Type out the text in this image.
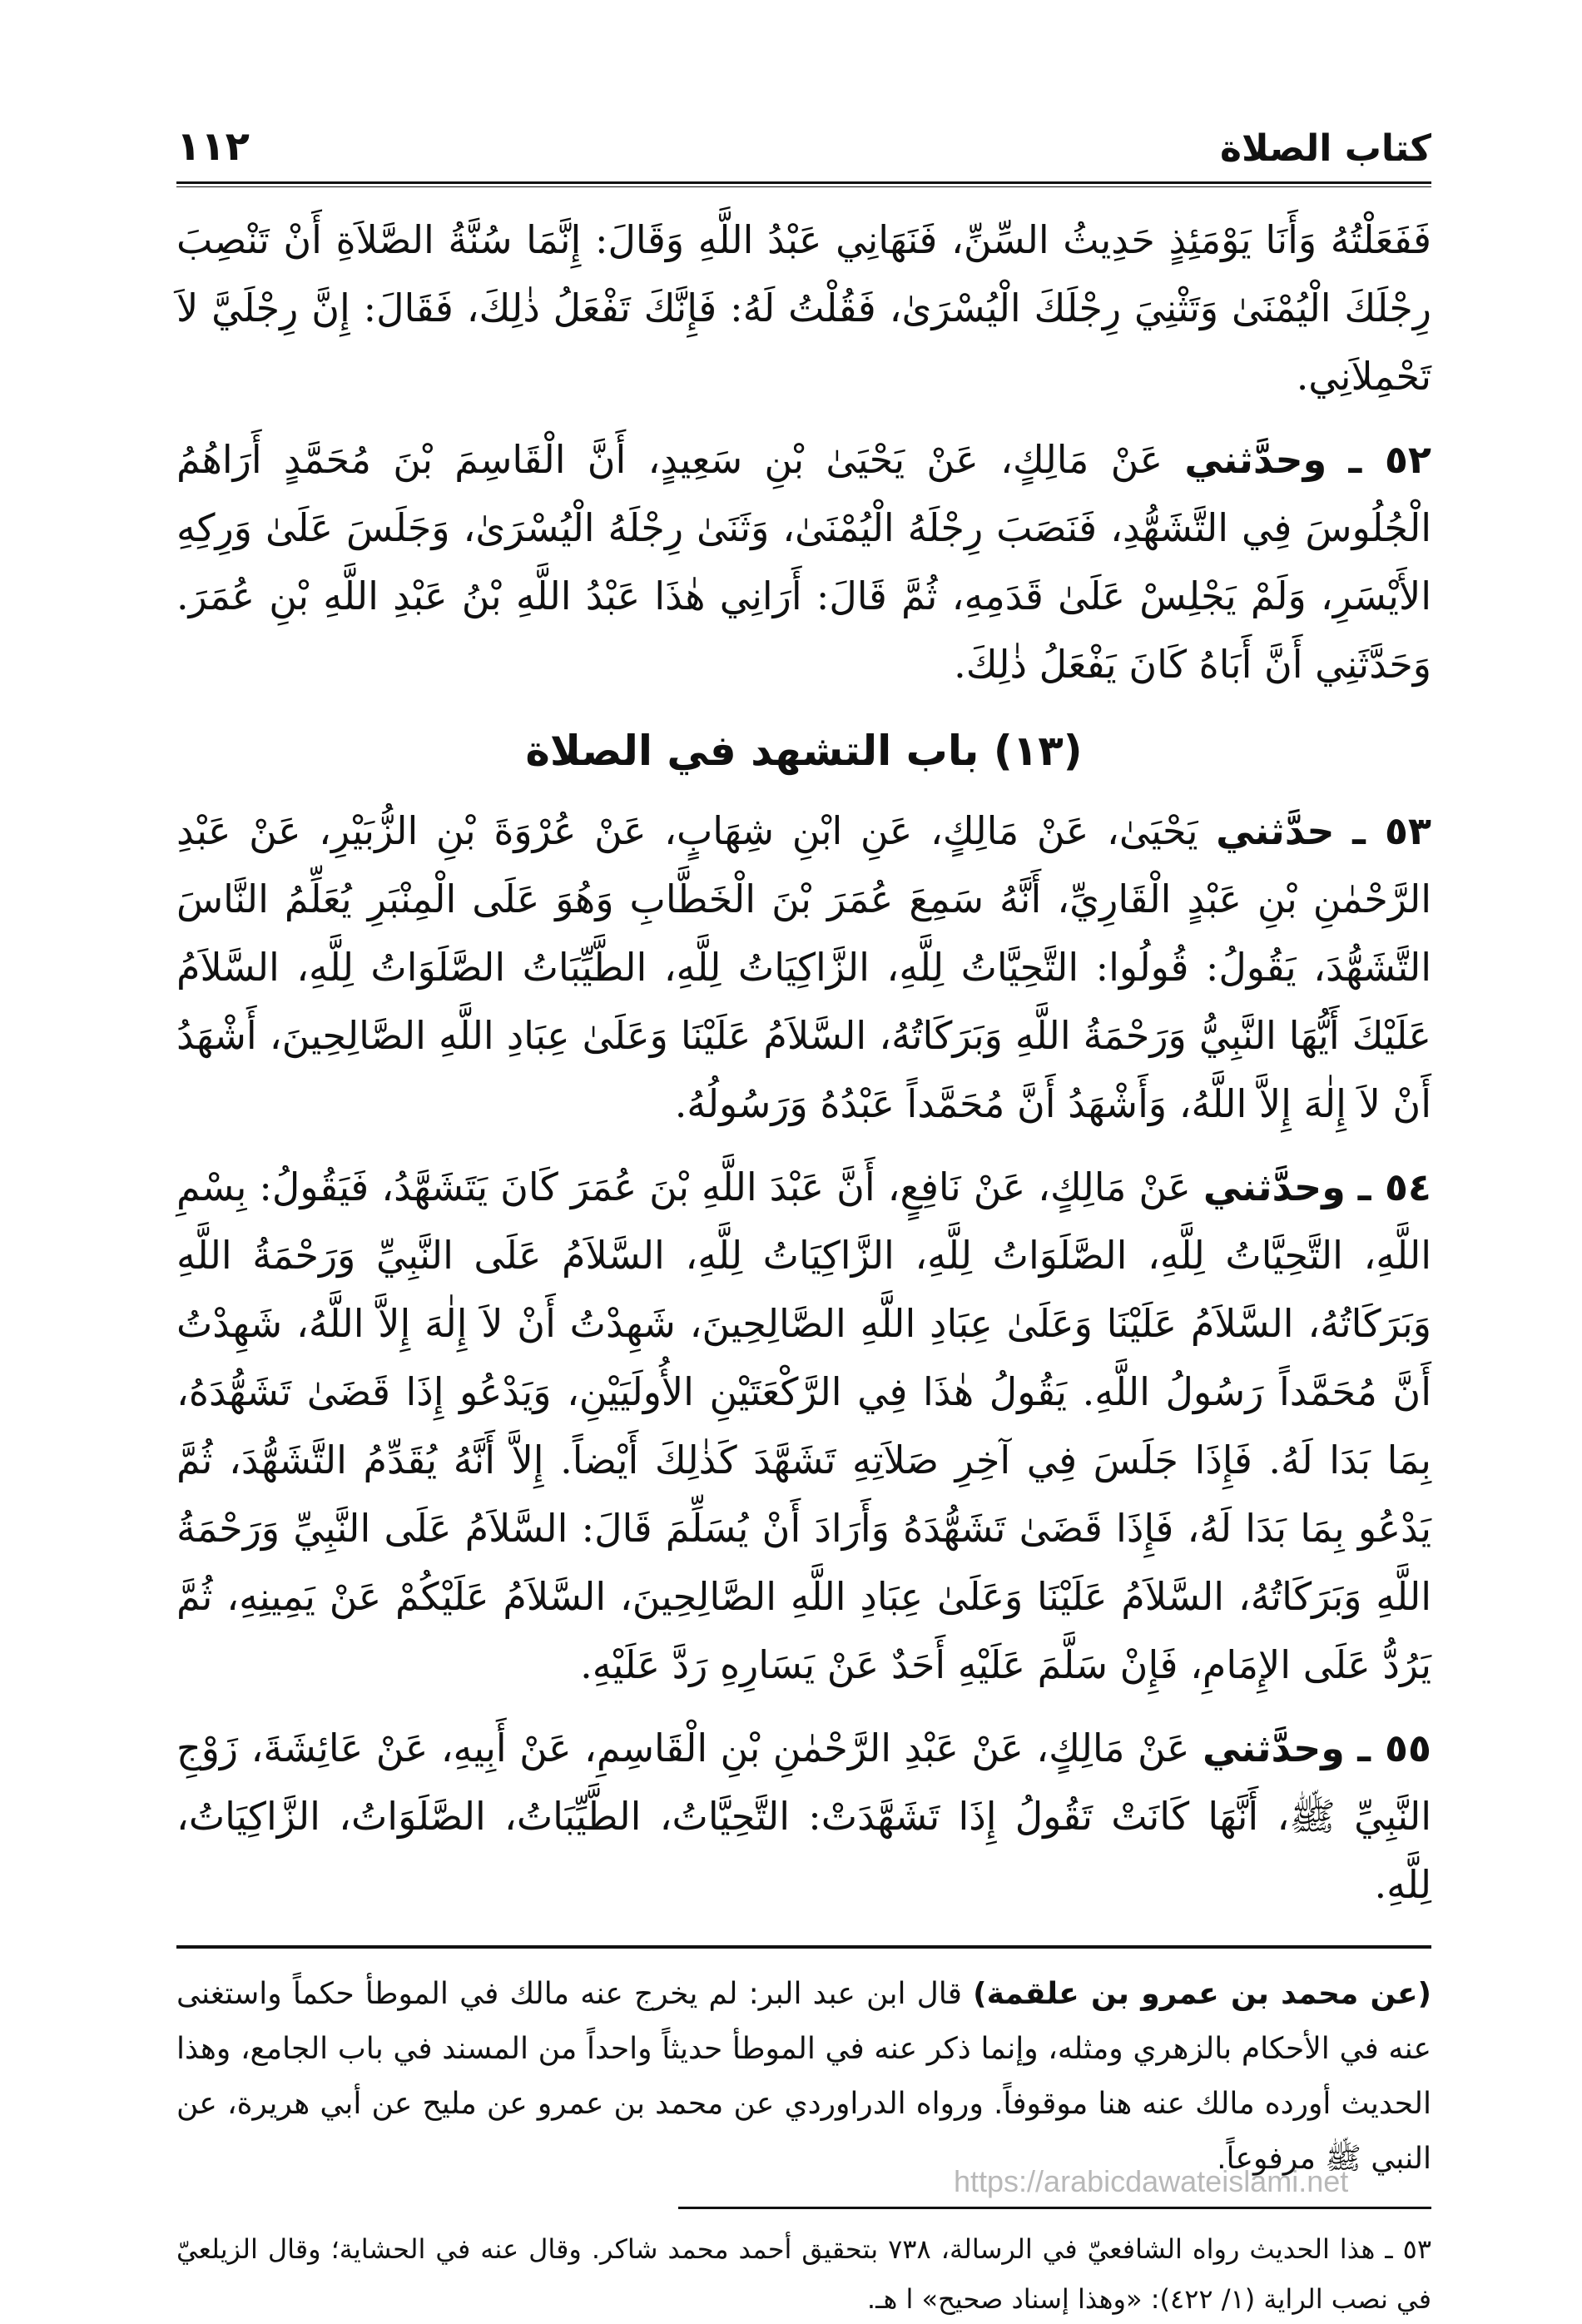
كتاب الصلاة
١١٢

فَفَعَلْتُهُ وَأَنَا يَوْمَئِذٍ حَدِيثُ السِّنِّ، فَنَهَانِي عَبْدُ اللَّهِ وَقَالَ: إِنَّمَا سُنَّةُ الصَّلاَةِ أَنْ تَنْصِبَ رِجْلَكَ الْيُمْنَىٰ وَتَثْنِيَ رِجْلَكَ الْيُسْرَىٰ، فَقُلْتُ لَهُ: فَإِنَّكَ تَفْعَلُ ذٰلِكَ، فَقَالَ: إِنَّ رِجْلَيَّ لاَ تَحْمِلاَنِي.

٥٢ ـ وحدَّثني عَنْ مَالِكٍ، عَنْ يَحْيَىٰ بْنِ سَعِيدٍ، أَنَّ الْقَاسِمَ بْنَ مُحَمَّدٍ أَرَاهُمُ الْجُلُوسَ فِي التَّشَهُّدِ، فَنَصَبَ رِجْلَهُ الْيُمْنَىٰ، وَثَنَىٰ رِجْلَهُ الْيُسْرَىٰ، وَجَلَسَ عَلَىٰ وَرِكِهِ الأَيْسَرِ، وَلَمْ يَجْلِسْ عَلَىٰ قَدَمِهِ، ثُمَّ قَالَ: أَرَانِي هٰذَا عَبْدُ اللَّهِ بْنُ عَبْدِ اللَّهِ بْنِ عُمَرَ. وَحَدَّثَنِي أَنَّ أَبَاهُ كَانَ يَفْعَلُ ذٰلِكَ.

(١٣) باب التشهد في الصلاة

٥٣ ـ حدَّثني يَحْيَىٰ، عَنْ مَالِكٍ، عَنِ ابْنِ شِهَابٍ، عَنْ عُرْوَةَ بْنِ الزُّبَيْرِ، عَنْ عَبْدِ الرَّحْمٰنِ بْنِ عَبْدٍ الْقَارِيِّ، أَنَّهُ سَمِعَ عُمَرَ بْنَ الْخَطَّابِ وَهُوَ عَلَى الْمِنْبَرِ يُعَلِّمُ النَّاسَ التَّشَهُّدَ، يَقُولُ: قُولُوا: التَّحِيَّاتُ لِلَّهِ، الزَّاكِيَاتُ لِلَّهِ، الطَّيِّبَاتُ الصَّلَوَاتُ لِلَّهِ، السَّلاَمُ عَلَيْكَ أَيُّهَا النَّبِيُّ وَرَحْمَةُ اللَّهِ وَبَرَكَاتُهُ، السَّلاَمُ عَلَيْنَا وَعَلَىٰ عِبَادِ اللَّهِ الصَّالِحِينَ، أَشْهَدُ أَنْ لاَ إِلٰهَ إِلاَّ اللَّهُ، وَأَشْهَدُ أَنَّ مُحَمَّداً عَبْدُهُ وَرَسُولُهُ.

٥٤ ـ وحدَّثني عَنْ مَالِكٍ، عَنْ نَافِعٍ، أَنَّ عَبْدَ اللَّهِ بْنَ عُمَرَ كَانَ يَتَشَهَّدُ، فَيَقُولُ: بِسْمِ اللَّهِ، التَّحِيَّاتُ لِلَّهِ، الصَّلَوَاتُ لِلَّهِ، الزَّاكِيَاتُ لِلَّهِ، السَّلاَمُ عَلَى النَّبِيِّ وَرَحْمَةُ اللَّهِ وَبَرَكَاتُهُ، السَّلاَمُ عَلَيْنَا وَعَلَىٰ عِبَادِ اللَّهِ الصَّالِحِينَ، شَهِدْتُ أَنْ لاَ إِلٰهَ إِلاَّ اللَّهُ، شَهِدْتُ أَنَّ مُحَمَّداً رَسُولُ اللَّهِ. يَقُولُ هٰذَا فِي الرَّكْعَتَيْنِ الأُولَيَيْنِ، وَيَدْعُو إِذَا قَضَىٰ تَشَهُّدَهُ، بِمَا بَدَا لَهُ. فَإِذَا جَلَسَ فِي آخِرِ صَلاَتِهِ تَشَهَّدَ كَذٰلِكَ أَيْضاً. إِلاَّ أَنَّهُ يُقَدِّمُ التَّشَهُّدَ، ثُمَّ يَدْعُو بِمَا بَدَا لَهُ، فَإِذَا قَضَىٰ تَشَهُّدَهُ وَأَرَادَ أَنْ يُسَلِّمَ قَالَ: السَّلاَمُ عَلَى النَّبِيِّ وَرَحْمَةُ اللَّهِ وَبَرَكَاتُهُ، السَّلاَمُ عَلَيْنَا وَعَلَىٰ عِبَادِ اللَّهِ الصَّالِحِينَ، السَّلاَمُ عَلَيْكُمْ عَنْ يَمِينِهِ، ثُمَّ يَرُدُّ عَلَى الإِمَامِ، فَإِنْ سَلَّمَ عَلَيْهِ أَحَدٌ عَنْ يَسَارِهِ رَدَّ عَلَيْهِ.

٥٥ ـ وحدَّثني عَنْ مَالِكٍ، عَنْ عَبْدِ الرَّحْمٰنِ بْنِ الْقَاسِمِ، عَنْ أَبِيهِ، عَنْ عَائِشَةَ، زَوْجِ النَّبِيِّ ﷺ، أَنَّهَا كَانَتْ تَقُولُ إِذَا تَشَهَّدَتْ: التَّحِيَّاتُ، الطَّيِّبَاتُ، الصَّلَوَاتُ، الزَّاكِيَاتُ، لِلَّهِ.

(عن محمد بن عمرو بن علقمة) قال ابن عبد البر: لم يخرج عنه مالك في الموطأ حكماً واستغنى عنه في الأحكام بالزهري ومثله، وإنما ذكر عنه في الموطأ حديثاً واحداً من المسند في باب الجامع، وهذا الحديث أورده مالك عنه هنا موقوفاً. ورواه الدراوردي عن محمد بن عمرو عن مليح عن أبي هريرة، عن النبي ﷺ مرفوعاً.
٥٣ ـ هذا الحديث رواه الشافعيّ في الرسالة، ٧٣٨ بتحقيق أحمد محمد شاكر. وقال عنه في الحشاية؛ وقال الزيلعيّ في نصب الراية (١/ ٤٢٢): «وهذا إسناد صحيح» ا هـ.
https://arabicdawateislami.net
